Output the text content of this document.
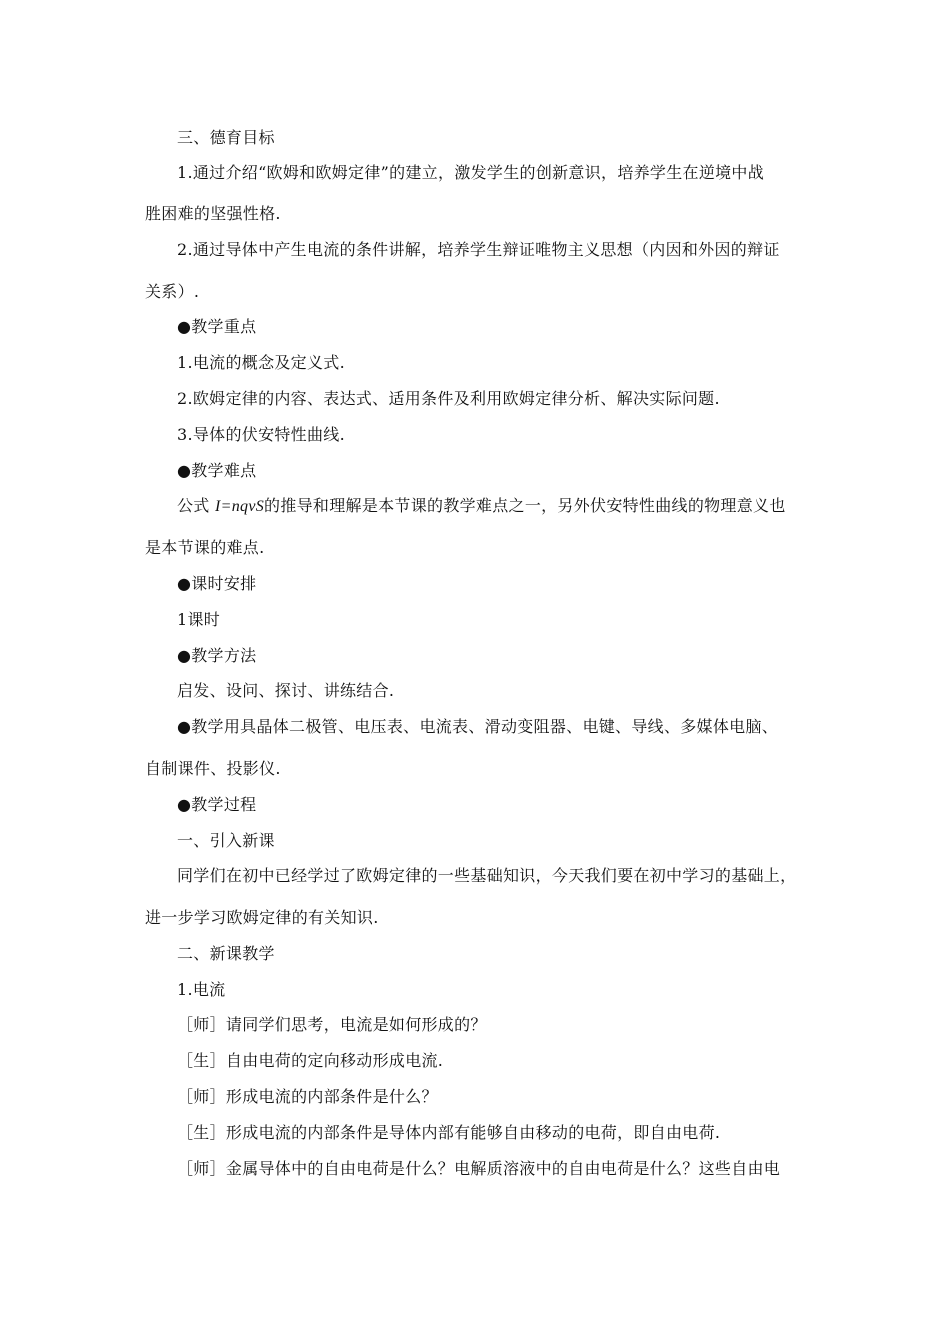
三、德育目标
1.通过介绍“欧姆和欧姆定律”的建立，激发学生的创新意识，培养学生在逆境中战
胜困难的坚强性格.
2.通过导体中产生电流的条件讲解，培养学生辩证唯物主义思想（内因和外因的辩证
关系）.
●教学重点
1.电流的概念及定义式.
2.欧姆定律的内容、表达式、适用条件及利用欧姆定律分析、解决实际问题.
3.导体的伏安特性曲线.
●教学难点
公式 I=nqvS的推导和理解是本节课的教学难点之一，另外伏安特性曲线的物理意义也
是本节课的难点.
●课时安排
1课时
●教学方法
启发、设问、探讨、讲练结合.
●教学用具晶体二极管、电压表、电流表、滑动变阻器、电键、导线、多媒体电脑、
自制课件、投影仪.
●教学过程
一、引入新课
同学们在初中已经学过了欧姆定律的一些基础知识，今天我们要在初中学习的基础上，
进一步学习欧姆定律的有关知识.
二、新课教学
1.电流
［师］请同学们思考，电流是如何形成的？
［生］自由电荷的定向移动形成电流.
［师］形成电流的内部条件是什么？
［生］形成电流的内部条件是导体内部有能够自由移动的电荷，即自由电荷.
［师］金属导体中的自由电荷是什么？电解质溶液中的自由电荷是什么？这些自由电
